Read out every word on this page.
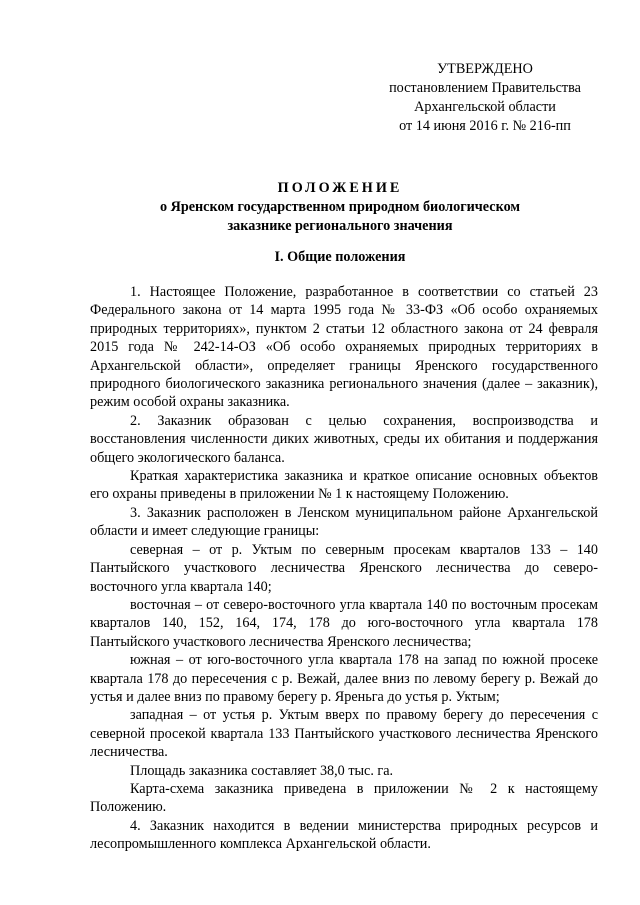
УТВЕРЖДЕНО
постановлением Правительства
Архангельской области
от 14 июня 2016 г. № 216-пп
ПОЛОЖЕНИЕ
о Яренском государственном природном биологическом
заказнике регионального значения
I. Общие положения

1. Настоящее Положение, разработанное в соответствии со статьей 23 Федерального закона от 14 марта 1995 года № 33-ФЗ «Об особо охраняемых природных территориях», пунктом 2 статьи 12 областного закона от 24 февраля 2015 года № 242-14-ОЗ «Об особо охраняемых природных территориях в Архангельской области», определяет границы Яренского государственного природного биологического заказника регионального значения (далее – заказник), режим особой охраны заказника.

2. Заказник образован с целью сохранения, воспроизводства и восстановления численности диких животных, среды их обитания и поддержания общего экологического баланса.

Краткая характеристика заказника и краткое описание основных объектов его охраны приведены в приложении № 1 к настоящему Положению.

3. Заказник расположен в Ленском муниципальном районе Архангельской области и имеет следующие границы:

северная – от р. Уктым по северным просекам кварталов 133 – 140 Пантыйского участкового лесничества Яренского лесничества до северо-восточного угла квартала 140;

восточная – от северо-восточного угла квартала 140 по восточным просекам кварталов 140, 152, 164, 174, 178 до юго-восточного угла квартала 178 Пантыйского участкового лесничества Яренского лесничества;

южная – от юго-восточного угла квартала 178 на запад по южной просеке квартала 178 до пересечения с р. Вежай, далее вниз по левому берегу р. Вежай до устья и далее вниз по правому берегу р. Яреньга до устья р. Уктым;

западная – от устья р. Уктым вверх по правому берегу до пересечения с северной просекой квартала 133 Пантыйского участкового лесничества Яренского лесничества.

Площадь заказника составляет 38,0 тыс. га.

Карта-схема заказника приведена в приложении № 2 к настоящему Положению.

4. Заказник находится в ведении министерства природных ресурсов и лесопромышленного комплекса Архангельской области.
